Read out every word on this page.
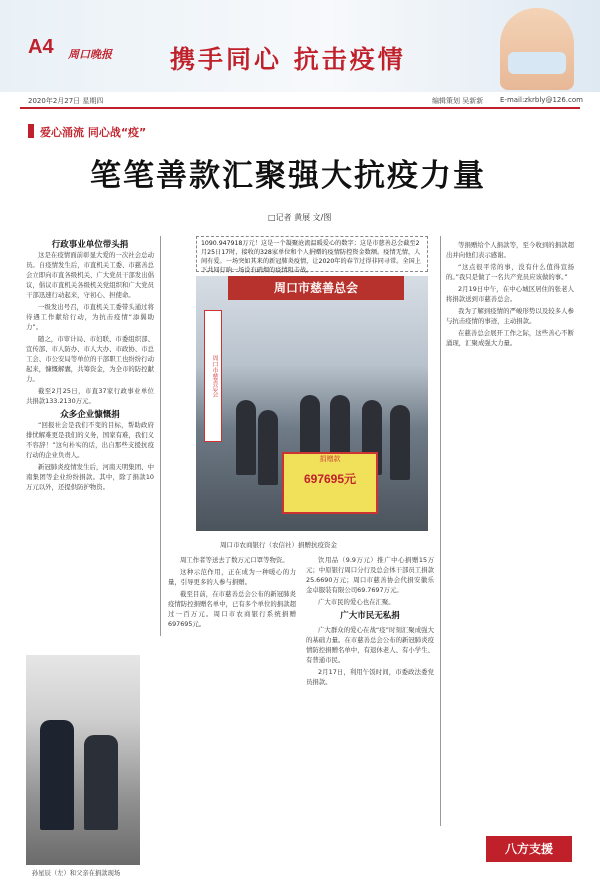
A4 周口晚报 携手同心 抗击疫情
2020年2月27日 星期四	编辑策划 吴新新 E-mail:zkrbly@126.com
爱心涌流 同心战“疫”
笔笔善款汇聚强大抗疫力量
□记者 黄展 文/图
1090.947918万元！这是一个凝聚沧流温暖爱心的数字；这是市慈善总会截至2月25日17时，接收的328家单位和个人捐赠的疫情防控资金数额。疫情无情，人间有爱。一场突如其来的新冠肺炎疫情，让2020年的春节过得非同寻常。全国上下共同打响一场没有硝烟的疫情阻击战。
行政事业单位带头捐

这是在疫情面前彰显大爱的一次社会总动员。自疫情发生后，市直机关工委、市慈善总会立即向市直各级机关、广大党员干部发出倡议，倡议市直机关各级机关党组织和广大党员干部迅速行动起来，守初心、担使命。

一级发出号召，市直机关工委带头通过将待遇工作献给行动，为抗击疫情“添翼助力”。

随之，市审计局、市妇联、市委组织部、宣传部、市人防办、市人大办、市政协、市总工会、市公安局等单位的干部职工也纷纷行动起来，慷慨解囊，共筹资金，为全市的防控献力。

截至2月25日，市直37家行政事业单位共捐款133.2130万元。

众多企业慷慨捐

“回报社会是我们不变的目标，帮助政府排忧解难更是我们的义务，国家有难，我们义不容辞！”这句朴实的话，出自那些支援抗疫行动的企业负责人。

新冠肺炎疫情发生后，河南天明集团、中南集团等企业纷纷捐款。其中，除了捐款10万元以外，还提供防护物资。

周工作者等送去了数万元口罩等物资。

这种示范作用，正在成为一种暖心的力量，引导更多的人参与捐赠。

截至目前，在市慈善总会公布的新冠肺炎疫情防控捐赠名单中，已有多个单位的捐款超过一百万元。周口市农商银行系统捐赠697695元。

饮用品（9.9万元）推广中心捐赠15万元；中原银行周口分行及总会体干部员工捐款25.6690万元；周口市慈善协会代捐安徽乐金卓服装有限公司69.7697万元。

广大市民的爱心也在汇聚。

广大市民无私捐

广大群众的爱心在战“疫”时刻汇聚成强大的基础力量。在市慈善总会公布的新冠肺炎疫情防控捐赠名单中，有退休老人、有小学生、有普通市民。

2月17日，利用午饭时间，市委政法委党员捐款。

等捐赠给个人捐款等，至今收到的捐款超出并向他们表示感谢。

“这点很平常的事，没有什么值得宣扬的。”我只是做了一名共产党员应该做的事。”

2月19日中午，在中心城区居住的张老人将捐款送到市慈善总会。

我为了解到疫情的严峻形势以及较多人参与抗击疫情的事迹，主动捐款。

在慈善总会展开工作之际，这些善心不断涌现，汇聚成强大力量。

周口市慈善总会
周口市慈善总会
捐赠款
697695元
周口市农商银行（农信社）捐赠抗疫资金
孙星辰（左）和父亲在捐款现场
八方支援
